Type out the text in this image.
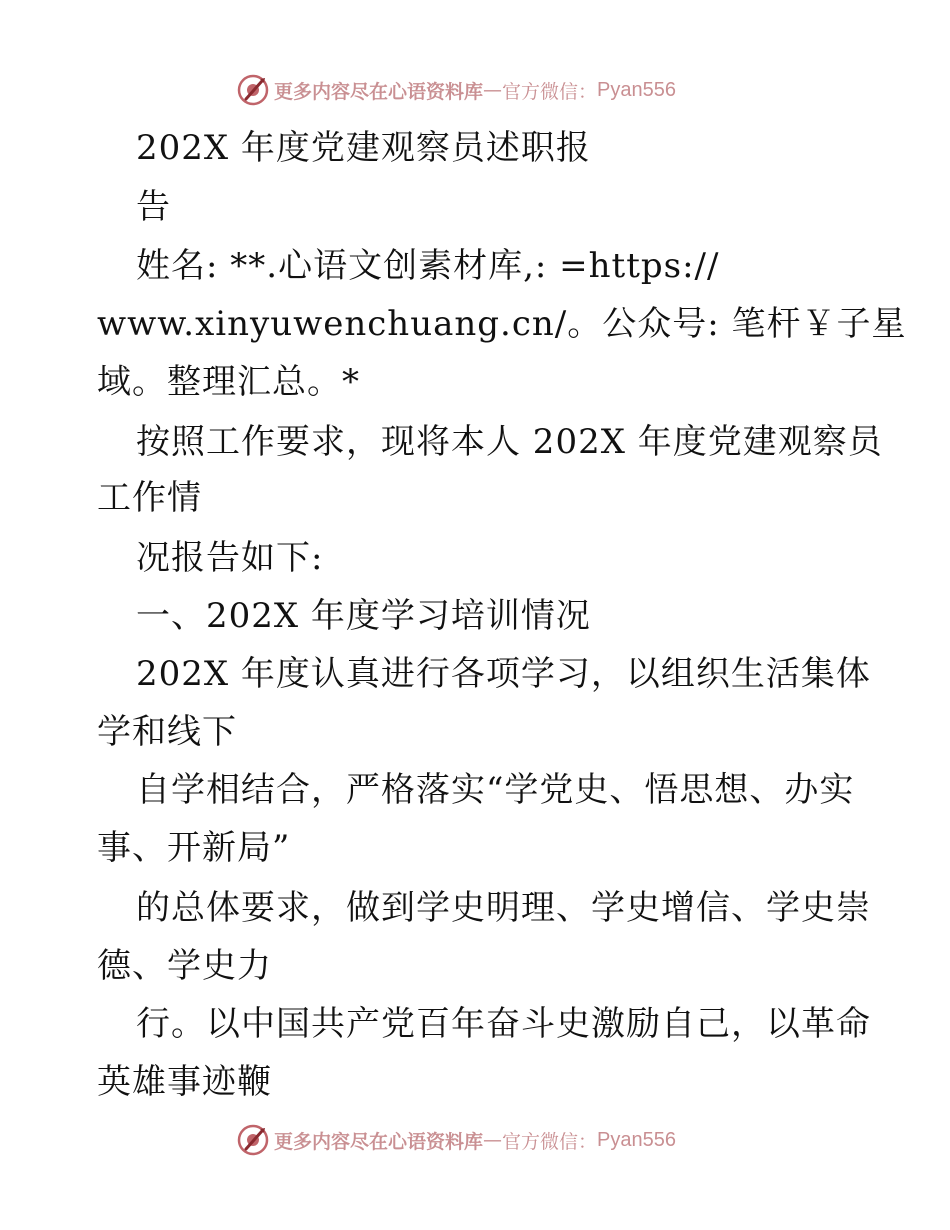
更多内容尽在心语资料库 — 官方微信： Pyan556
202X 年度党建观察员述职报
告
姓名: **.心语文创素材库,: =https://
www.xinyuwenchuang.cn/。公众号: 笔杆￥子星
域。整理汇总。*
按照工作要求，现将本人 202X 年度党建观察员
工作情
况报告如下:
一、202X 年度学习培训情况
202X 年度认真进行各项学习，以组织生活集体
学和线下
自学相结合，严格落实“学党史、悟思想、办实
事、开新局”
的总体要求，做到学史明理、学史增信、学史崇
德、学史力
行。以中国共产党百年奋斗史激励自己，以革命
英雄事迹鞭
更多内容尽在心语资料库 — 官方微信： Pyan556
